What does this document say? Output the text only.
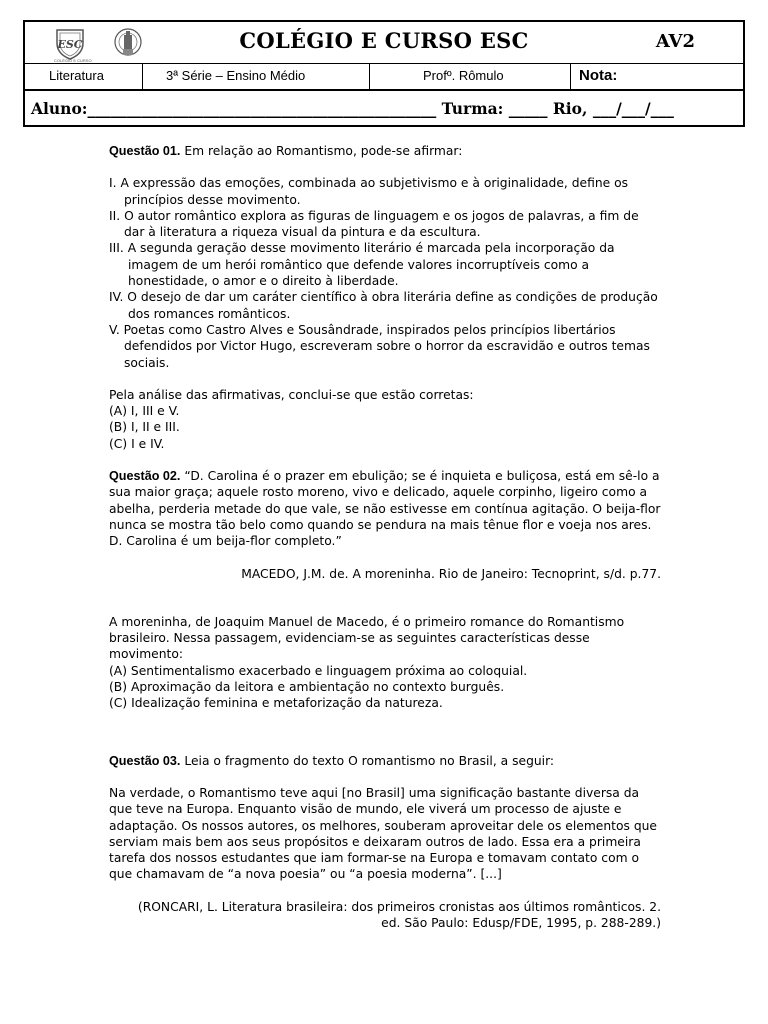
ESC
COLÉGIO E CURSO
COLÉGIO E CURSO ESC	AV2
Literatura	3ª Série – Ensino Médio	Profº. Rômulo	Nota:
Aluno:_____________________________________________ Turma: _____ Rio, ___/___/___

Questão 01. Em relação ao Romantismo, pode-se afirmar:

I. A expressão das emoções, combinada ao subjetivismo e à originalidade, define os princípios desse movimento.

II. O autor romântico explora as figuras de linguagem e os jogos de palavras, a fim de dar à literatura a riqueza visual da pintura e da escultura.

III. A segunda geração desse movimento literário é marcada pela incorporação da imagem de um herói romântico que defende valores incorruptíveis como a honestidade, o amor e o direito à liberdade.

IV. O desejo de dar um caráter científico à obra literária define as condições de produção dos romances românticos.

V. Poetas como Castro Alves e Sousândrade, inspirados pelos princípios libertários defendidos por Victor Hugo, escreveram sobre o horror da escravidão e outros temas sociais.

Pela análise das afirmativas, conclui-se que estão corretas:

(A) I, III e V.

(B) I, II e III.

(C) I e IV.

Questão 02. “D. Carolina é o prazer em ebulição; se é inquieta e buliçosa, está em sê-lo a sua maior graça; aquele rosto moreno, vivo e delicado, aquele corpinho, ligeiro como a abelha, perderia metade do que vale, se não estivesse em contínua agitação. O beija-flor nunca se mostra tão belo como quando se pendura na mais tênue flor e voeja nos ares. D. Carolina é um beija-flor completo.”

MACEDO, J.M. de. A moreninha. Rio de Janeiro: Tecnoprint, s/d. p.77.

A moreninha, de Joaquim Manuel de Macedo, é o primeiro romance do Romantismo brasileiro. Nessa passagem, evidenciam-se as seguintes características desse movimento:

(A) Sentimentalismo exacerbado e linguagem próxima ao coloquial.

(B) Aproximação da leitora e ambientação no contexto burguês.

(C) Idealização feminina e metaforização da natureza.

Questão 03. Leia o fragmento do texto O romantismo no Brasil, a seguir:

Na verdade, o Romantismo teve aqui [no Brasil] uma significação bastante diversa da que teve na Europa. Enquanto visão de mundo, ele viverá um processo de ajuste e adaptação. Os nossos autores, os melhores, souberam aproveitar dele os elementos que serviam mais bem aos seus propósitos e deixaram outros de lado. Essa era a primeira tarefa dos nossos estudantes que iam formar-se na Europa e tomavam contato com o que chamavam de “a nova poesia” ou “a poesia moderna”. [...]

(RONCARI, L. Literatura brasileira: dos primeiros cronistas aos últimos românticos. 2. ed. São Paulo: Edusp/FDE, 1995, p. 288-289.)
